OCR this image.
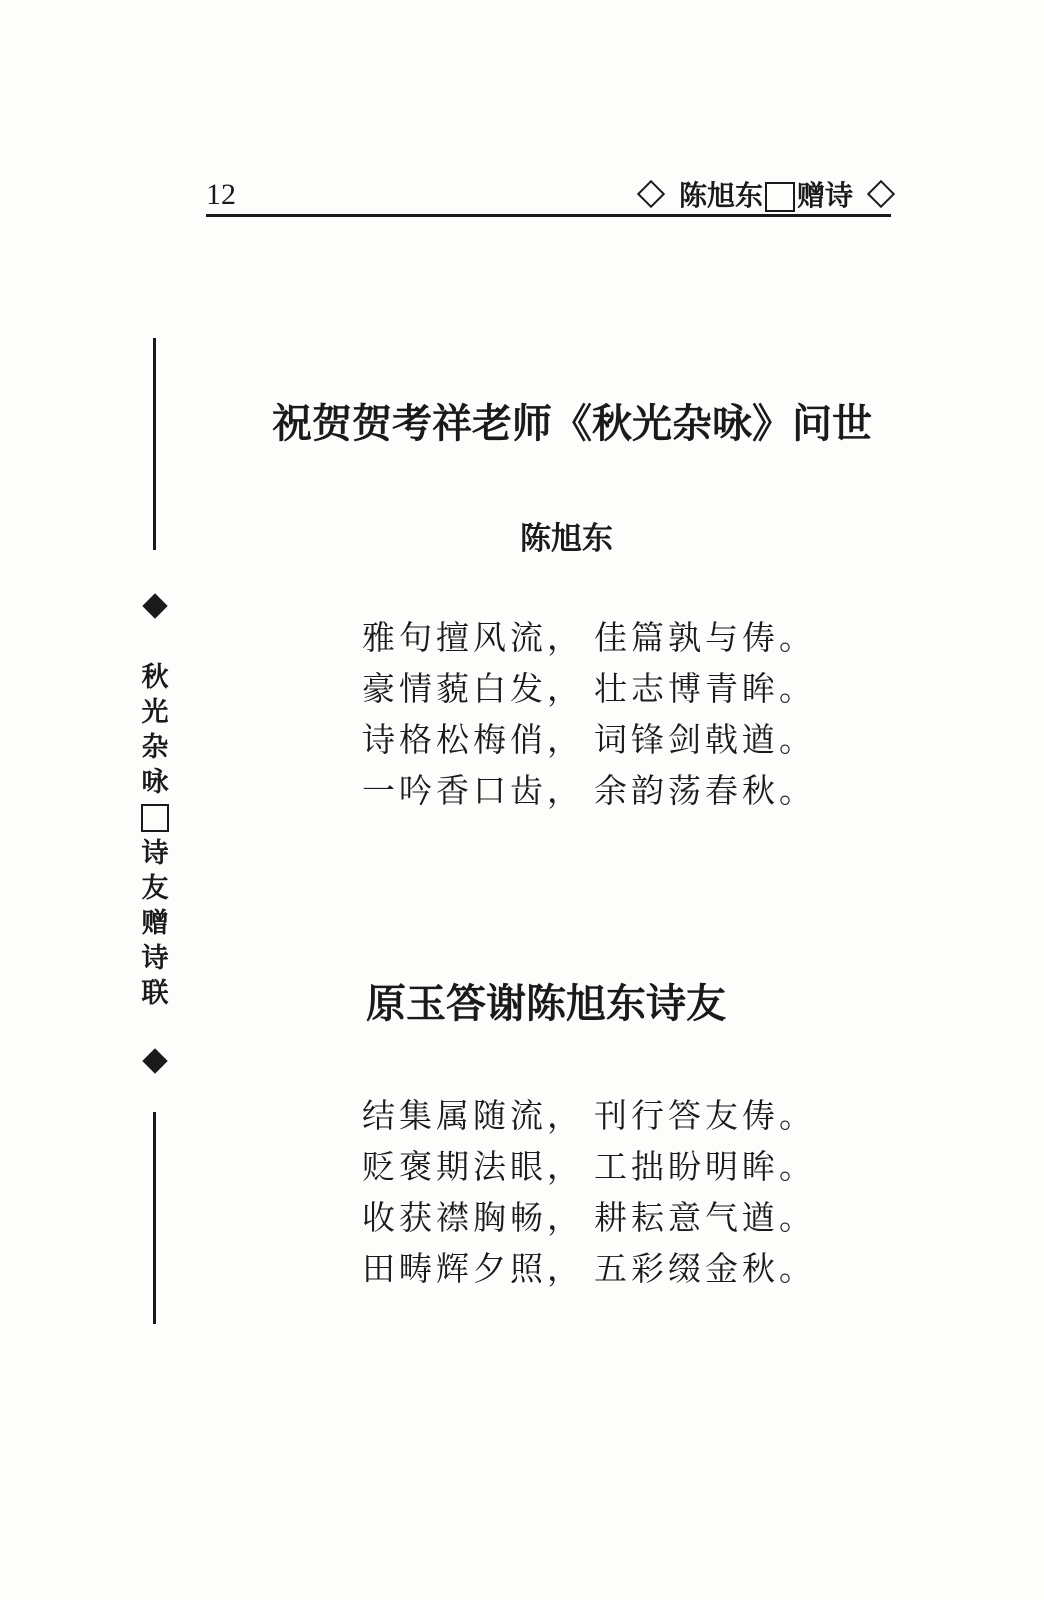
12	陈旭东 赠诗
秋
光
杂
咏
诗
友
赠
诗
联
祝贺贺考祥老师《秋光杂咏》问世
陈旭东
雅句擅风流， 佳篇孰与俦。
豪情藐白发， 壮志博青眸。
诗格松梅俏， 词锋剑戟遒。
一吟香口齿， 余韵荡春秋。
原玉答谢陈旭东诗友
结集属随流， 刊行答友俦。
贬褒期法眼， 工拙盼明眸。
收获襟胸畅， 耕耘意气遒。
田畴辉夕照， 五彩缀金秋。
